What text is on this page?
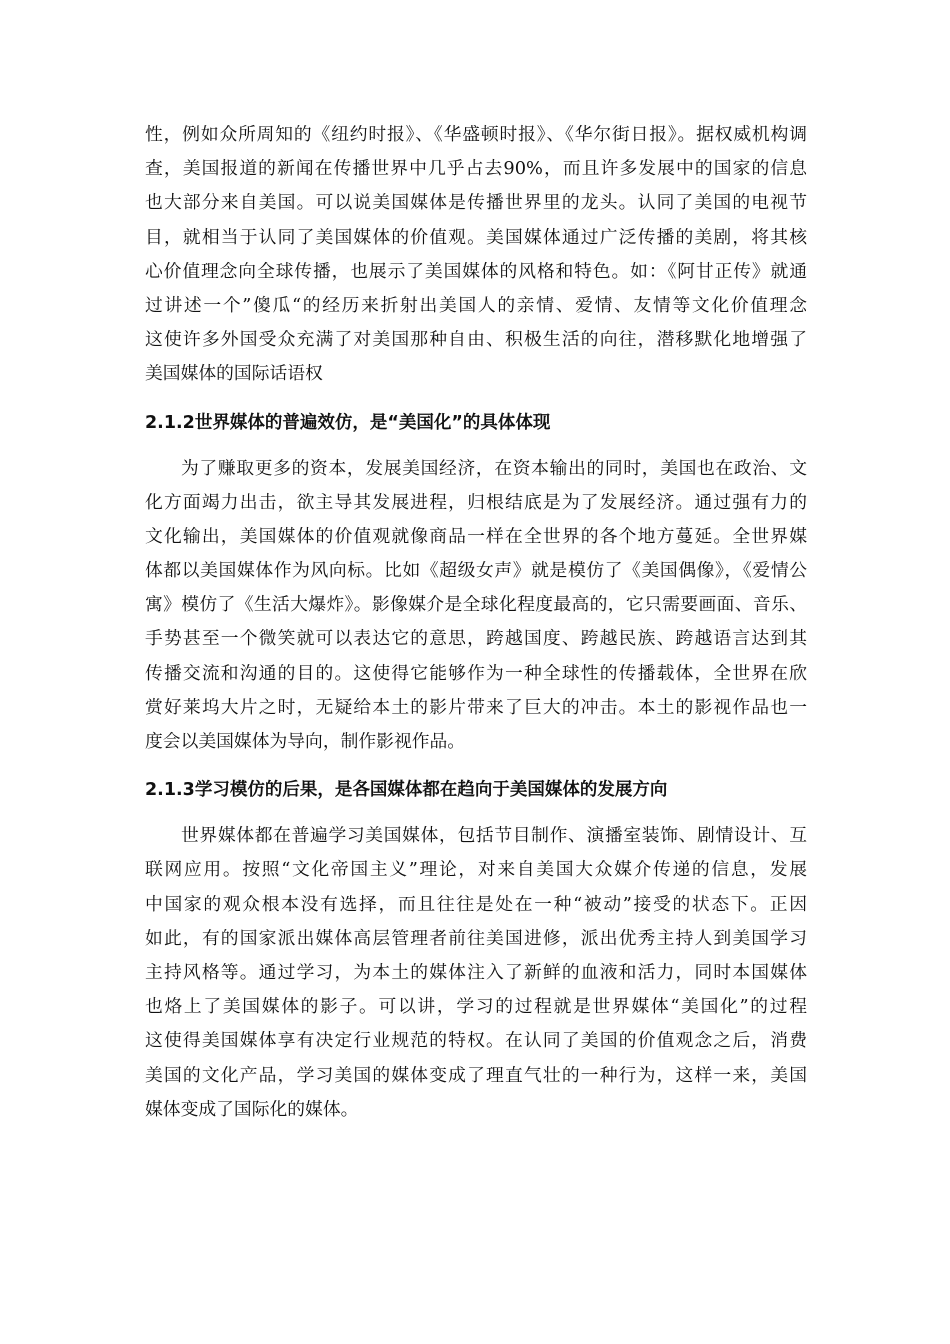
性，例如众所周知的《纽约时报》、《华盛顿时报》、《华尔街日报》。据权威机构调
查，美国报道的新闻在传播世界中几乎占去90%，而且许多发展中的国家的信息
也大部分来自美国。可以说美国媒体是传播世界里的龙头。认同了美国的电视节
目，就相当于认同了美国媒体的价值观。美国媒体通过广泛传播的美剧，将其核
心价值理念向全球传播，也展示了美国媒体的风格和特色。如：《阿甘正传》就通
过讲述一个”傻瓜“的经历来折射出美国人的亲情、爱情、友情等文化价值理念
这使许多外国受众充满了对美国那种自由、积极生活的向往，潜移默化地增强了
美国媒体的国际话语权
2.1.2世界媒体的普遍效仿，是“美国化”的具体体现
为了赚取更多的资本，发展美国经济，在资本输出的同时，美国也在政治、文
化方面竭力出击，欲主导其发展进程，归根结底是为了发展经济。通过强有力的
文化输出，美国媒体的价值观就像商品一样在全世界的各个地方蔓延。全世界媒
体都以美国媒体作为风向标。比如《超级女声》就是模仿了《美国偶像》，《爱情公
寓》模仿了《生活大爆炸》。影像媒介是全球化程度最高的，它只需要画面、音乐、
手势甚至一个微笑就可以表达它的意思，跨越国度、跨越民族、跨越语言达到其
传播交流和沟通的目的。这使得它能够作为一种全球性的传播载体，全世界在欣
赏好莱坞大片之时，无疑给本土的影片带来了巨大的冲击。本土的影视作品也一
度会以美国媒体为导向，制作影视作品。
2.1.3学习模仿的后果，是各国媒体都在趋向于美国媒体的发展方向
世界媒体都在普遍学习美国媒体，包括节目制作、演播室装饰、剧情设计、互
联网应用。按照“文化帝国主义”理论，对来自美国大众媒介传递的信息，发展
中国家的观众根本没有选择，而且往往是处在一种“被动”接受的状态下。正因
如此，有的国家派出媒体高层管理者前往美国进修，派出优秀主持人到美国学习
主持风格等。通过学习，为本土的媒体注入了新鲜的血液和活力，同时本国媒体
也烙上了美国媒体的影子。可以讲，学习的过程就是世界媒体“美国化”的过程
这使得美国媒体享有决定行业规范的特权。在认同了美国的价值观念之后，消费
美国的文化产品，学习美国的媒体变成了理直气壮的一种行为，这样一来，美国
媒体变成了国际化的媒体。
